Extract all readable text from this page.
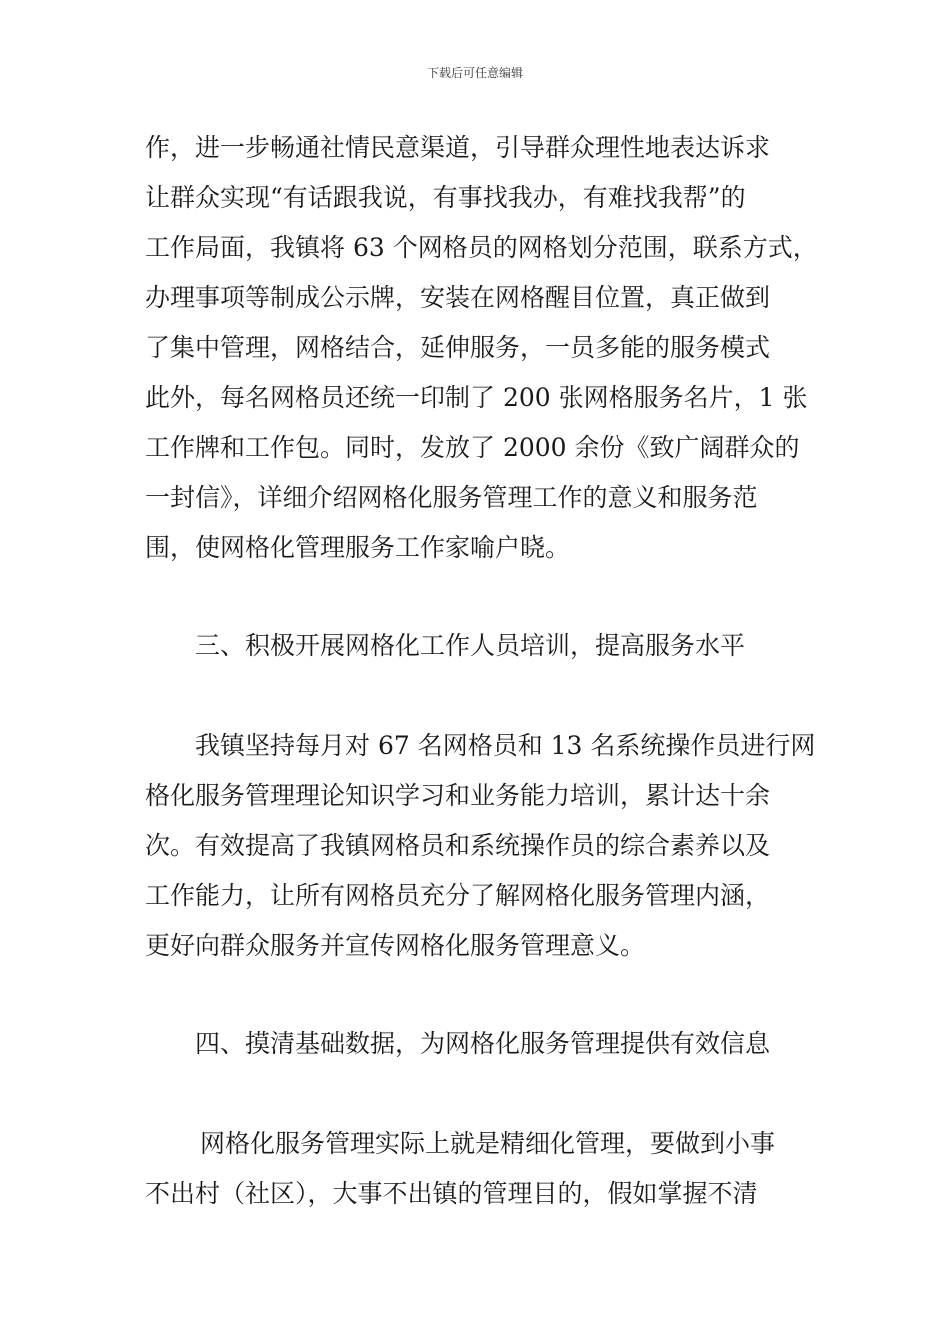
下载后可任意编辑
作，进一步畅通社情民意渠道，引导群众理性地表达诉求
让群众实现“有话跟我说，有事找我办，有难找我帮”的
工作局面，我镇将 63 个网格员的网格划分范围，联系方式，
办理事项等制成公示牌，安装在网格醒目位置，真正做到
了集中管理，网格结合，延伸服务，一员多能的服务模式
此外，每名网格员还统一印制了 200 张网格服务名片，1 张
工作牌和工作包。同时，发放了 2000 余份《致广阔群众的
一封信》，详细介绍网格化服务管理工作的意义和服务范
围，使网格化管理服务工作家喻户晓。
三、积极开展网格化工作人员培训，提高服务水平
我镇坚持每月对 67 名网格员和 13 名系统操作员进行网
格化服务管理理论知识学习和业务能力培训，累计达十余
次。有效提高了我镇网格员和系统操作员的综合素养以及
工作能力，让所有网格员充分了解网格化服务管理内涵，
更好向群众服务并宣传网格化服务管理意义。
四、摸清基础数据，为网格化服务管理提供有效信息
网格化服务管理实际上就是精细化管理，要做到小事
不出村（社区），大事不出镇的管理目的，假如掌握不清
